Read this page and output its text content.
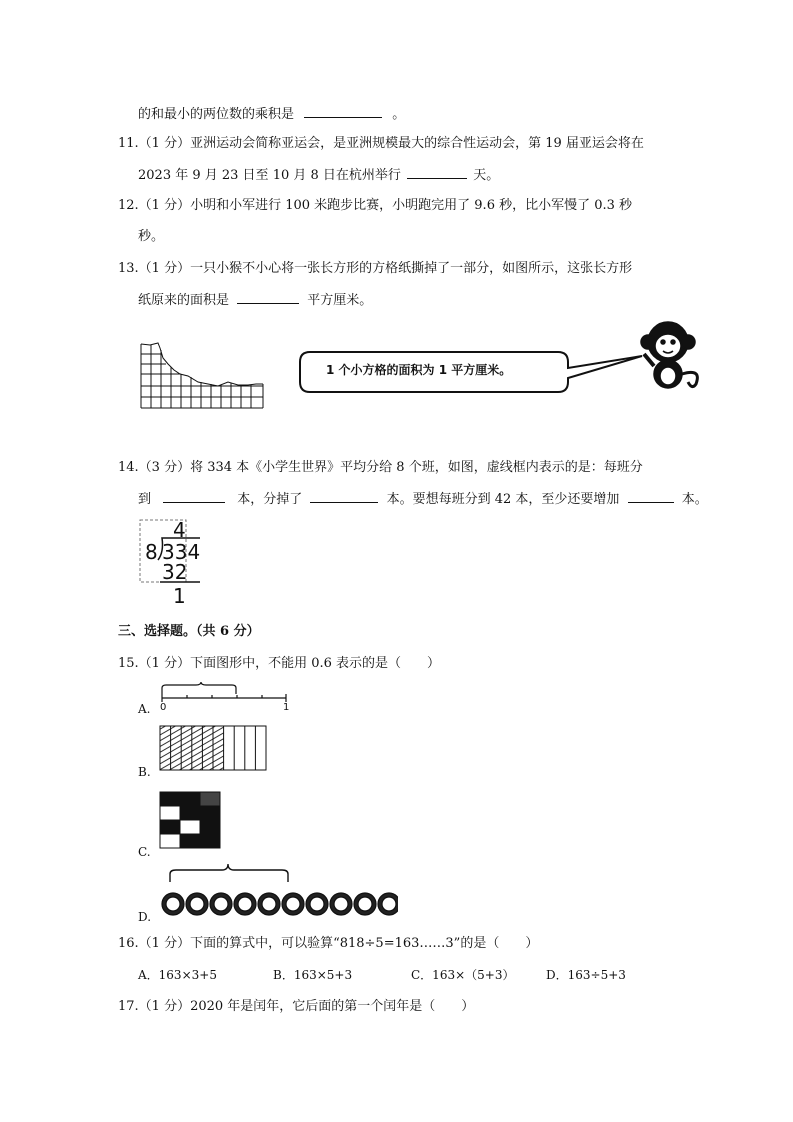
的和最小的两位数的乘积是	。
11.（1 分）亚洲运动会简称亚运会，是亚洲规模最大的综合性运动会，第 19 届亚运会将在
2023 年 9 月 23 日至 10 月 8 日在杭州举行	天。
12.（1 分）小明和小军进行 100 米跑步比赛，小明跑完用了 9.6 秒，比小军慢了 0.3 秒
秒。
13.（1 分）一只小猴不小心将一张长方形的方格纸撕掉了一部分，如图所示，这张长方形
纸原来的面积是	平方厘米。
1 个小方格的面积为 1 平方厘米。
14.（3 分）将 334 本《小学生世界》平均分给 8 个班，如图，虚线框内表示的是：每班分
到	本，分掉了	本。要想每班分到 42 本，至少还要增加	本。
4
8 334
32
1
三、选择题。（共 6 分）
15.（1 分）下面图形中，不能用 0.6 表示的是（　　）
A. 0	1
B.
C.
D.
16.（1 分）下面的算式中，可以验算“818÷5=163……3”的是（　　）
A．163×3+5	B．163×5+3	C．163×（5+3）	D．163÷5+3
17.（1 分）2020 年是闰年，它后面的第一个闰年是（　　）
